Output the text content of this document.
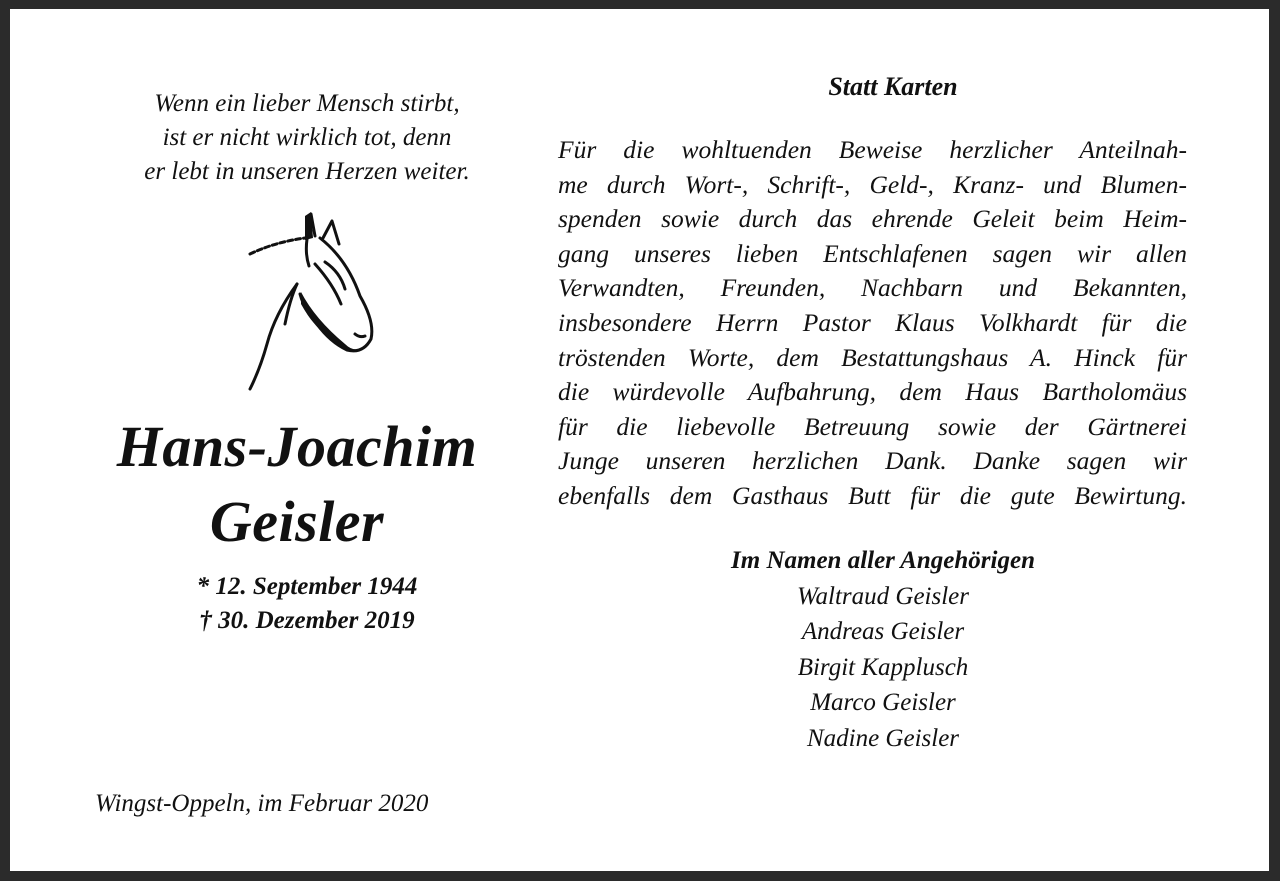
Wenn ein lieber Mensch stirbt,
ist er nicht wirklich tot, denn
er lebt in unseren Herzen weiter.
Hans-Joachim
Geisler
* 12. September 1944
† 30. Dezember 2019
Wingst-Oppeln, im Februar 2020
Statt Karten
Für die wohltuenden Beweise herzlicher Anteilnah-
me durch Wort-, Schrift-, Geld-, Kranz- und Blumen-
spenden sowie durch das ehrende Geleit beim Heim-
gang unseres lieben Entschlafenen sagen wir allen
Verwandten, Freunden, Nachbarn und Bekannten,
insbesondere Herrn Pastor Klaus Volkhardt für die
tröstenden Worte, dem Bestattungshaus A. Hinck für
die würdevolle Aufbahrung, dem Haus Bartholomäus
für die liebevolle Betreuung sowie der Gärtnerei
Junge unseren herzlichen Dank. Danke sagen wir
ebenfalls dem Gasthaus Butt für die gute Bewirtung.
Im Namen aller Angehörigen
Waltraud Geisler
Andreas Geisler
Birgit Kapplusch
Marco Geisler
Nadine Geisler
